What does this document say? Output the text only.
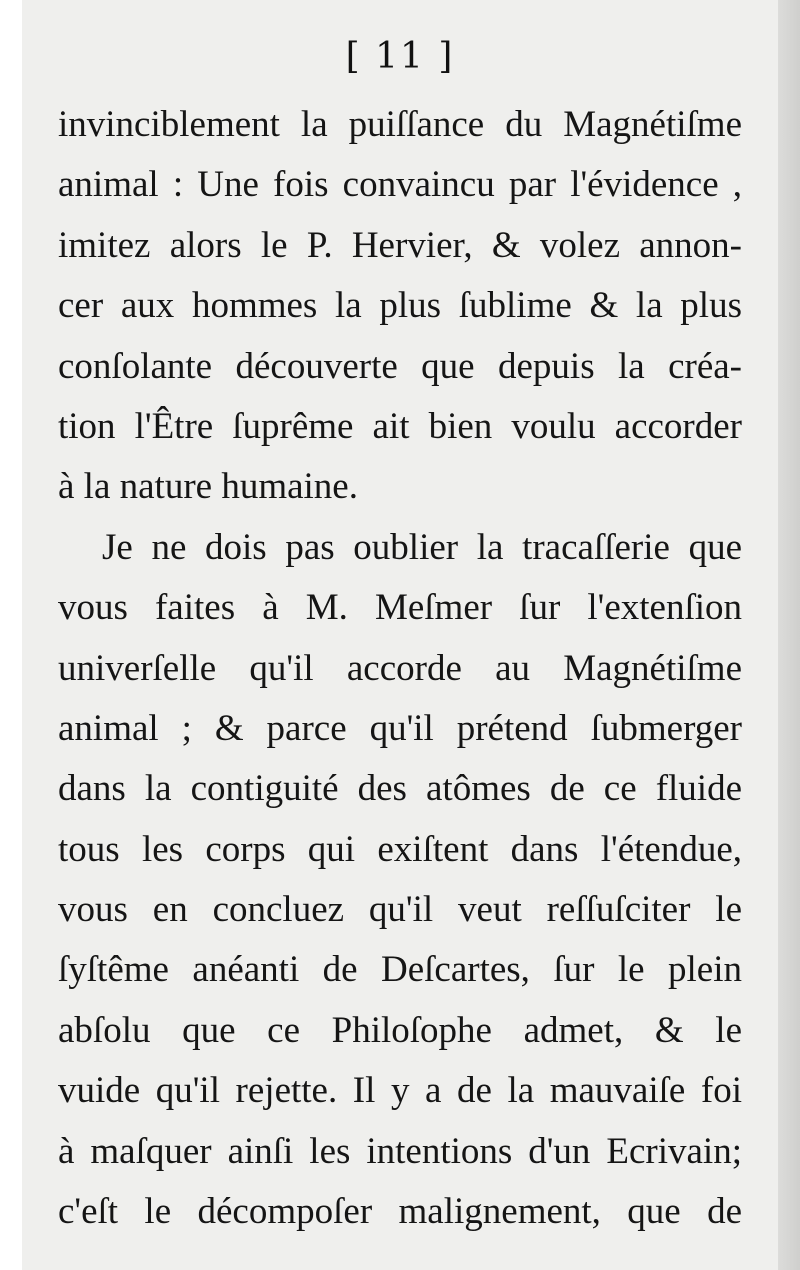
[ 11 ]
invinciblement la puiſſance du Magnétiſme
animal : Une fois convaincu par l'évidence ,
imitez alors le P. Hervier, & volez annon-
cer aux hommes la plus ſublime & la plus
conſolante découverte que depuis la créa-
tion l'Être ſuprême ait bien voulu accorder
à la nature humaine.
Je ne dois pas oublier la tracaſſerie que
vous faites à M. Meſmer ſur l'extenſion
univerſelle qu'il accorde au Magnétiſme
animal ; & parce qu'il prétend ſubmerger
dans la contiguité des atômes de ce fluide
tous les corps qui exiſtent dans l'étendue,
vous en concluez qu'il veut reſſuſciter le
ſyſtême anéanti de Deſcartes, ſur le plein
abſolu que ce Philoſophe admet, & le
vuide qu'il rejette. Il y a de la mauvaiſe foi
à maſquer ainſi les intentions d'un Ecrivain;
c'eſt le décompoſer malignement, que de
